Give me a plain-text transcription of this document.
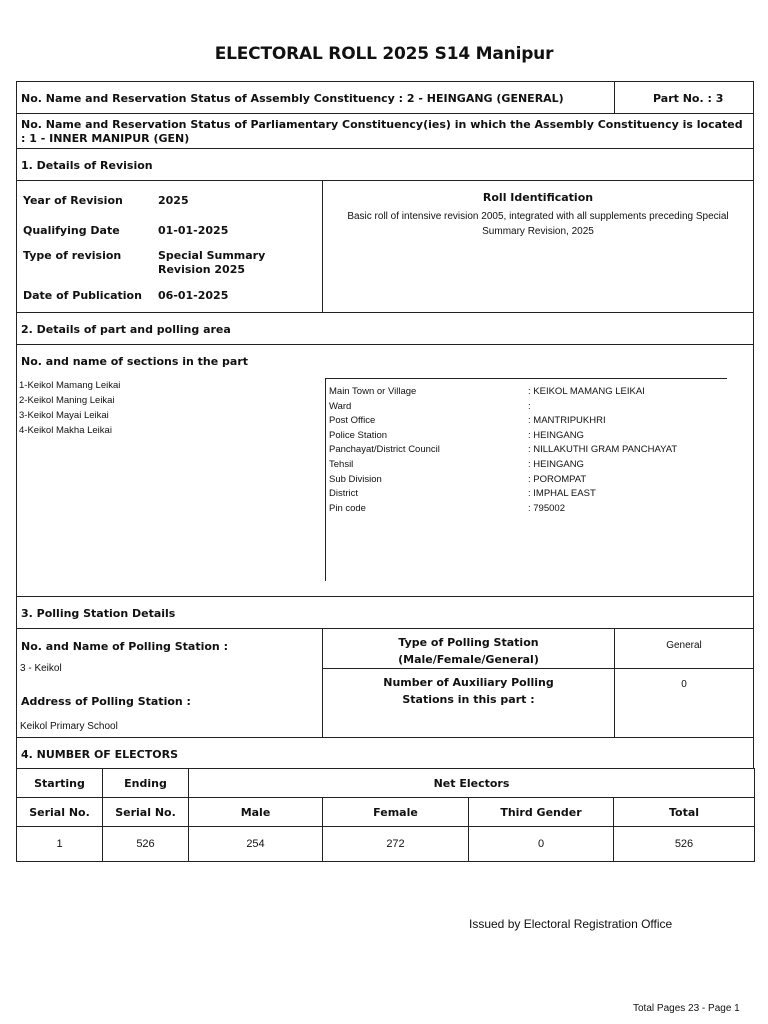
ELECTORAL ROLL 2025 S14 Manipur
No. Name and Reservation Status of Assembly Constituency : 2 - HEINGANG (GENERAL)	Part No. : 3
No. Name and Reservation Status of Parliamentary Constituency(ies) in which the Assembly Constituency is located : 1 - INNER MANIPUR (GEN)
1. Details of Revision
Year of Revision	2025
Qualifying Date	01-01-2025
Type of revision	Special Summary Revision 2025
Date of Publication 06-01-2025
Roll Identification
Basic roll of intensive revision 2005, integrated with all supplements preceding Special Summary Revision, 2025
2. Details of part and polling area
No. and name of sections in the part
1-Keikol Mamang Leikai
2-Keikol Maning Leikai
3-Keikol Mayai Leikai
4-Keikol Makha Leikai
Main Town or Village	: KEIKOL MAMANG LEIKAI
Ward	:
Post Office	: MANTRIPUKHRI
Police Station	: HEINGANG
Panchayat/District Council	: NILLAKUTHI GRAM PANCHAYAT
Tehsil	: HEINGANG
Sub Division	: POROMPAT
District	: IMPHAL EAST
Pin code	: 795002
3. Polling Station Details
No. and Name of Polling Station :
3 - Keikol
Address of Polling Station :
Keikol Primary School
Type of Polling Station
(Male/Female/General)
General
Number of Auxiliary Polling
Stations in this part :
0
4. NUMBER OF ELECTORS
Starting	Ending	Net Electors			
Serial No.	Serial No.	Male	Female	Third Gender	Total
1	526	254	272	0	526
Issued by Electoral Registration Office
Total Pages 23 - Page 1
